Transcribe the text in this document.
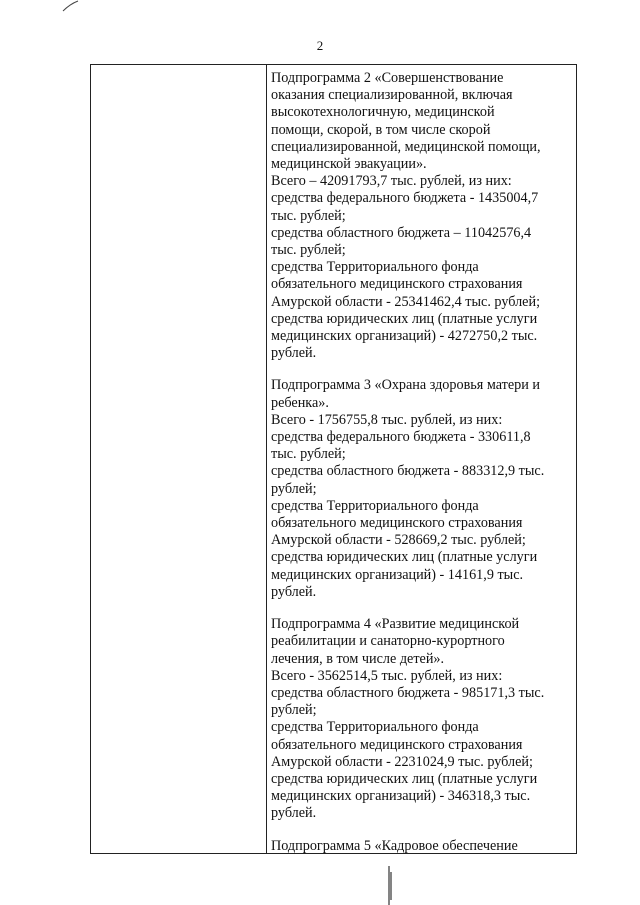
2
Подпрограмма 2 «Совершенствование
оказания специализированной, включая
высокотехнологичную, медицинской
помощи, скорой, в том числе скорой
специализированной, медицинской помощи,
медицинской эвакуации».
Всего – 42091793,7 тыс. рублей, из них:
средства федерального бюджета - 1435004,7
тыс. рублей;
средства областного бюджета – 11042576,4
тыс. рублей;
средства Территориального фонда
обязательного медицинского страхования
Амурской области - 25341462,4 тыс. рублей;
средства юридических лиц (платные услуги
медицинских организаций) - 4272750,2 тыс.
рублей.
Подпрограмма 3 «Охрана здоровья матери и
ребенка».
Всего - 1756755,8 тыс. рублей, из них:
средства федерального бюджета - 330611,8
тыс. рублей;
средства областного бюджета - 883312,9 тыс.
рублей;
средства Территориального фонда
обязательного медицинского страхования
Амурской области - 528669,2 тыс. рублей;
средства юридических лиц (платные услуги
медицинских организаций) - 14161,9 тыс.
рублей.
Подпрограмма 4 «Развитие медицинской
реабилитации и санаторно-курортного
лечения, в том числе детей».
Всего - 3562514,5 тыс. рублей, из них:
средства областного бюджета - 985171,3 тыс.
рублей;
средства Территориального фонда
обязательного медицинского страхования
Амурской области - 2231024,9 тыс. рублей;
средства юридических лиц (платные услуги
медицинских организаций) - 346318,3 тыс.
рублей.
Подпрограмма 5 «Кадровое обеспечение
